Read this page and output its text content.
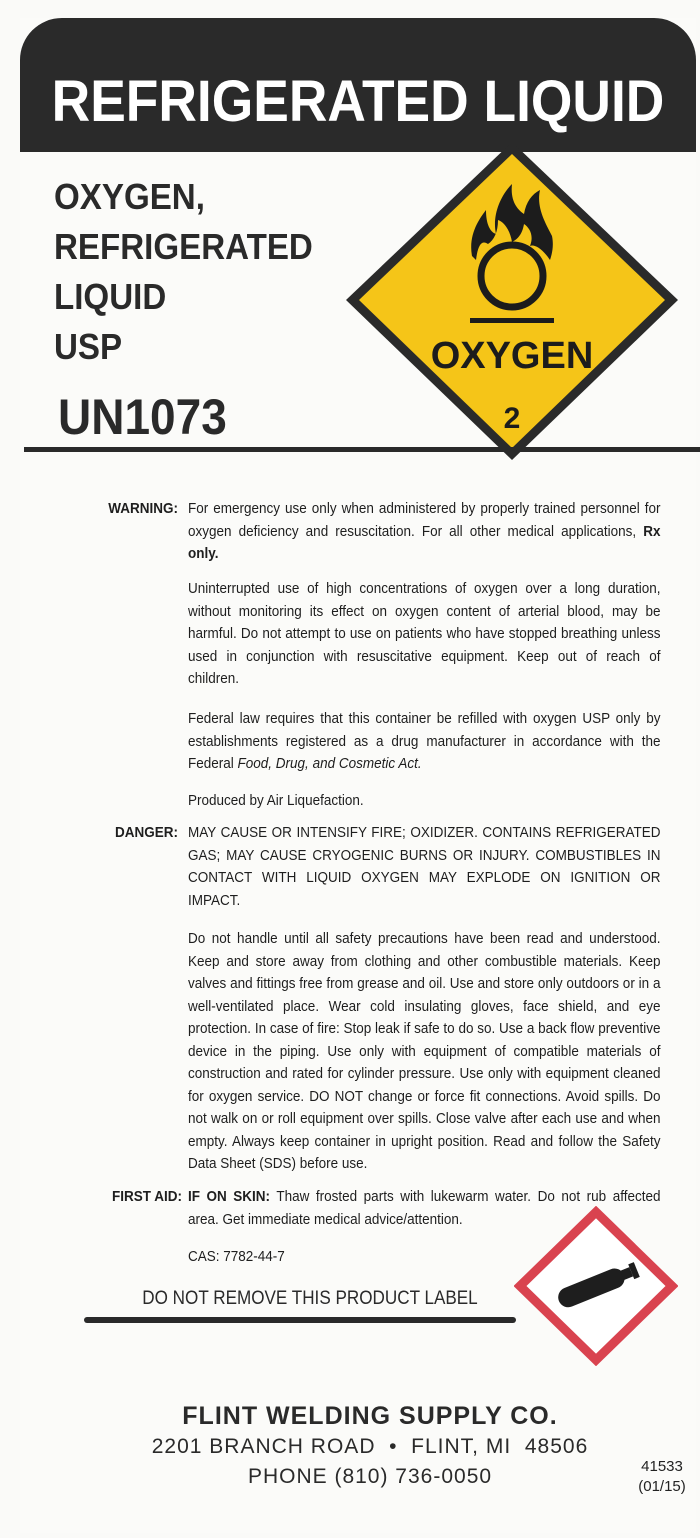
REFRIGERATED LIQUID
OXYGEN,
REFRIGERATED
LIQUID
USP
UN1073
OXYGEN
2
WARNING: For emergency use only when administered by properly trained personnel for oxygen deficiency and resuscitation. For all other medical applications, Rx only.
Uninterrupted use of high concentrations of oxygen over a long duration, without monitoring its effect on oxygen content of arterial blood, may be harmful. Do not attempt to use on patients who have stopped breathing unless used in conjunction with resuscitative equipment. Keep out of reach of children.
Federal law requires that this container be refilled with oxygen USP only by establishments registered as a drug manufacturer in accordance with the Federal Food, Drug, and Cosmetic Act.
Produced by Air Liquefaction.
DANGER: MAY CAUSE OR INTENSIFY FIRE; OXIDIZER. CONTAINS REFRIGERATED GAS; MAY CAUSE CRYOGENIC BURNS OR INJURY. COMBUSTIBLES IN CONTACT WITH LIQUID OXYGEN MAY EXPLODE ON IGNITION OR IMPACT.
Do not handle until all safety precautions have been read and understood. Keep and store away from clothing and other combustible materials. Keep valves and fittings free from grease and oil. Use and store only outdoors or in a well-ventilated place. Wear cold insulating gloves, face shield, and eye protection. In case of fire: Stop leak if safe to do so. Use a back flow preventive device in the piping. Use only with equipment of compatible materials of construction and rated for cylinder pressure. Use only with equipment cleaned for oxygen service. DO NOT change or force fit connections. Avoid spills. Do not walk on or roll equipment over spills. Close valve after each use and when empty. Always keep container in upright position. Read and follow the Safety Data Sheet (SDS) before use.
FIRST AID: IF ON SKIN: Thaw frosted parts with lukewarm water. Do not rub affected area. Get immediate medical advice/attention.
CAS: 7782-44-7
DO NOT REMOVE THIS PRODUCT LABEL
FLINT WELDING SUPPLY CO.
2201 BRANCH ROAD  •  FLINT, MI  48506
PHONE (810) 736-0050	41533
(01/15)
